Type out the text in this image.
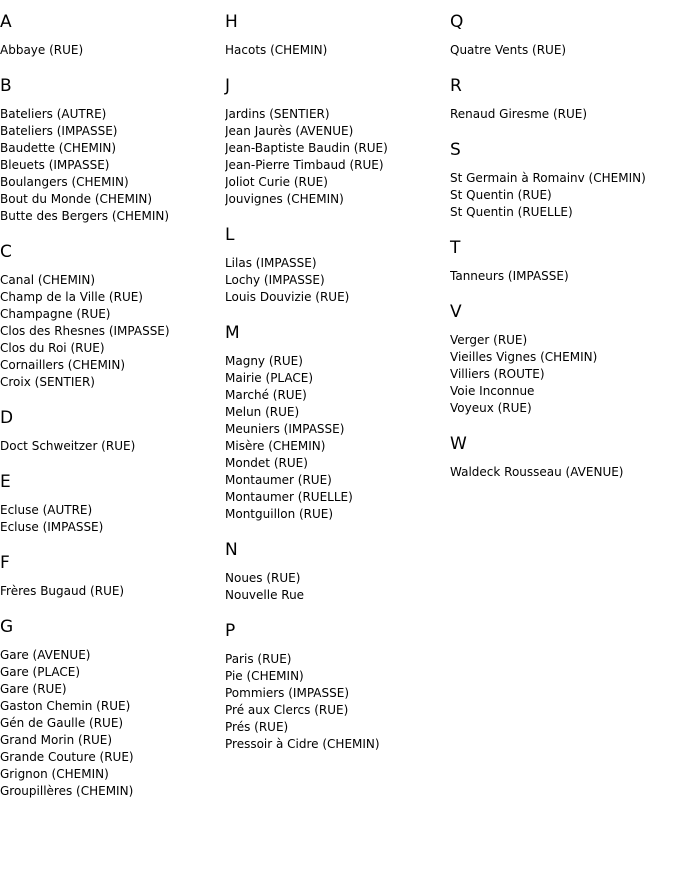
A
Abbaye (RUE)
B
Bateliers (AUTRE)
Bateliers (IMPASSE)
Baudette (CHEMIN)
Bleuets (IMPASSE)
Boulangers (CHEMIN)
Bout du Monde (CHEMIN)
Butte des Bergers (CHEMIN)
C
Canal (CHEMIN)
Champ de la Ville (RUE)
Champagne (RUE)
Clos des Rhesnes (IMPASSE)
Clos du Roi (RUE)
Cornaillers (CHEMIN)
Croix (SENTIER)
D
Doct Schweitzer (RUE)
E
Ecluse (AUTRE)
Ecluse (IMPASSE)
F
Frères Bugaud (RUE)
G
Gare (AVENUE)
Gare (PLACE)
Gare (RUE)
Gaston Chemin (RUE)
Gén de Gaulle (RUE)
Grand Morin (RUE)
Grande Couture (RUE)
Grignon (CHEMIN)
Groupillères (CHEMIN)
H
Hacots (CHEMIN)
J
Jardins (SENTIER)
Jean Jaurès (AVENUE)
Jean-Baptiste Baudin (RUE)
Jean-Pierre Timbaud (RUE)
Joliot Curie (RUE)
Jouvignes (CHEMIN)
L
Lilas (IMPASSE)
Lochy (IMPASSE)
Louis Douvizie (RUE)
M
Magny (RUE)
Mairie (PLACE)
Marché (RUE)
Melun (RUE)
Meuniers (IMPASSE)
Misère (CHEMIN)
Mondet (RUE)
Montaumer (RUE)
Montaumer (RUELLE)
Montguillon (RUE)
N
Noues (RUE)
Nouvelle Rue
P
Paris (RUE)
Pie (CHEMIN)
Pommiers (IMPASSE)
Pré aux Clercs (RUE)
Prés (RUE)
Pressoir à Cidre (CHEMIN)
Q
Quatre Vents (RUE)
R
Renaud Giresme (RUE)
S
St Germain à Romainv (CHEMIN)
St Quentin (RUE)
St Quentin (RUELLE)
T
Tanneurs (IMPASSE)
V
Verger (RUE)
Vieilles Vignes (CHEMIN)
Villiers (ROUTE)
Voie Inconnue
Voyeux (RUE)
W
Waldeck Rousseau (AVENUE)
